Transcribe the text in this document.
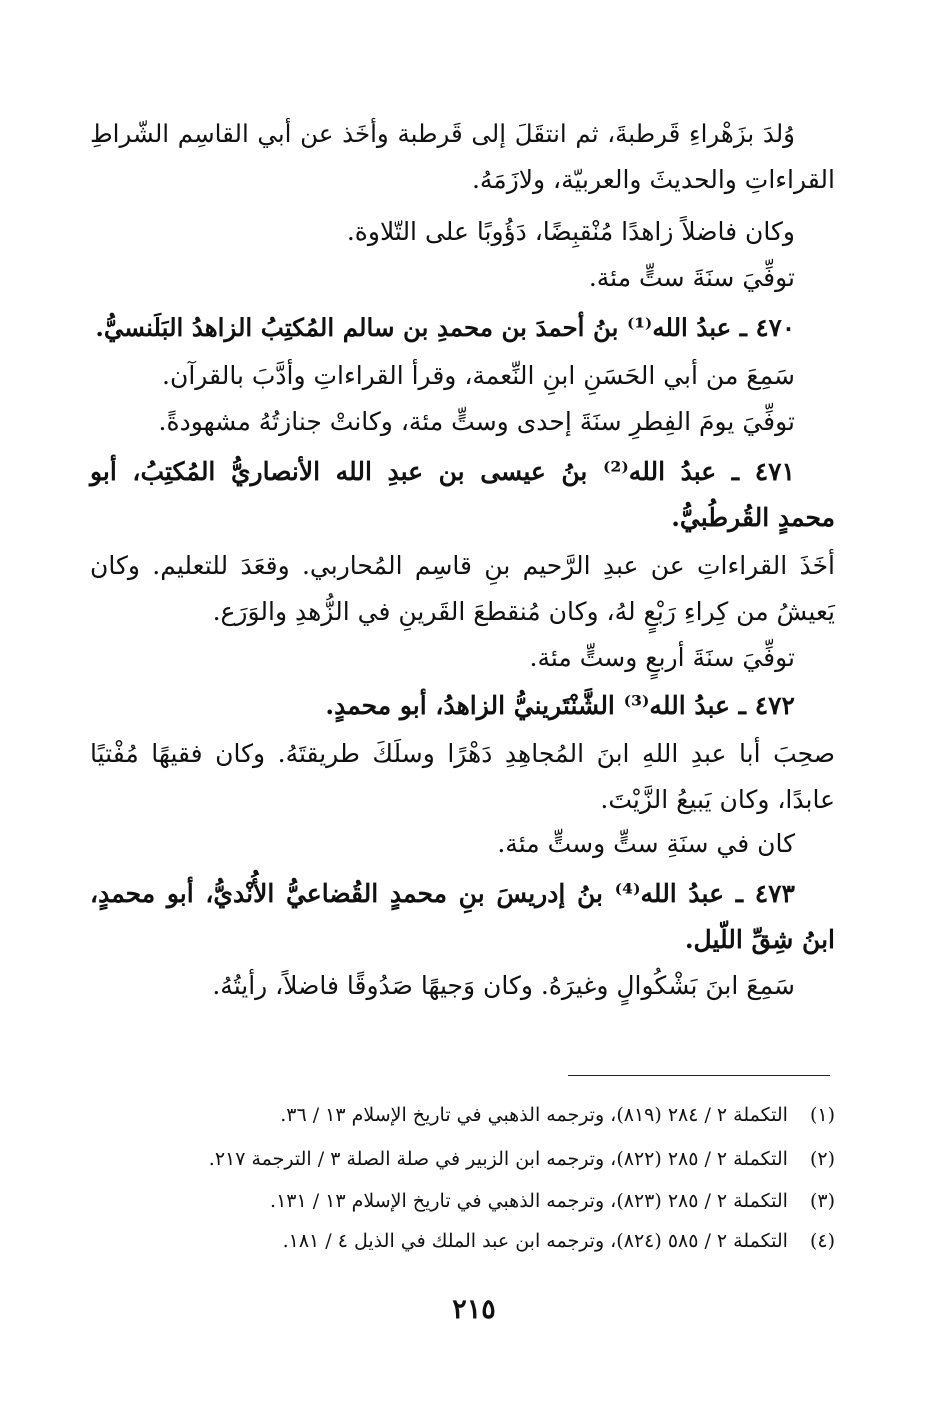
وُلدَ بزَهْراءِ قَرطبةَ، ثم انتقَلَ إلى قَرطبة وأخَذ عن أبي القاسِم الشّراطِ
القراءاتِ والحديثَ والعربيّة، ولازَمَهُ.
وكان فاضلاً زاهدًا مُنْقبِضًا، دَؤُوبًا على التّلاوة.
توفِّيَ سنَةَ ستٍّ مئة.
٤٧٠ ـ عبدُ الله⁽¹⁾ بنُ أحمدَ بن محمدِ بن سالم المُكتِبُ الزاهدُ البَلَنسيُّ.
سَمِعَ من أبي الحَسَنِ ابنِ النِّعمة، وقرأ القراءاتِ وأدَّبَ بالقرآن.
توفِّيَ يومَ الفِطرِ سنَةَ إحدى وستٍّ مئة، وكانتْ جنازتُهُ مشهودةً.
٤٧١ ـ عبدُ الله⁽²⁾ بنُ عيسى بن عبدِ الله الأنصاريُّ المُكتِبُ، أبو
محمدٍ القُرطُبيُّ.
أخَذَ القراءاتِ عن عبدِ الرَّحيم بنِ قاسِم المُحاربي. وقعَدَ للتعليم. وكان
يَعيشُ من كِراءِ رَبْعٍ لهُ، وكان مُنقطعَ القَرينِ في الزُّهدِ والوَرَع.
توفِّيَ سنَةَ أربعٍ وستٍّ مئة.
٤٧٢ ـ عبدُ الله⁽³⁾ الشَّنْتَرينيُّ الزاهدُ، أبو محمدٍ.
صحِبَ أبا عبدِ اللهِ ابنَ المُجاهِدِ دَهْرًا وسلَكَ طريقتَهُ. وكان فقيهًا مُفْتيًا
عابدًا، وكان يَبيعُ الزَّيْتَ.
كان في سنَةِ ستٍّ وستٍّ مئة.
٤٧٣ ـ عبدُ الله⁽⁴⁾ بنُ إدريسَ بنِ محمدٍ القُضاعيُّ الأُنْديُّ، أبو محمدٍ،
ابنُ شِقِّ اللّيل.
سَمِعَ ابنَ بَشْكُوالٍ وغيرَهُ. وكان وَجيهًا صَدُوقًا فاضلاً، رأيتُهُ.
(١)التكملة ٢ / ٢٨٤ (٨١٩)، وترجمه الذهبي في تاريخ الإسلام ١٣ / ٣٦.
(٢)التكملة ٢ / ٢٨٥ (٨٢٢)، وترجمه ابن الزبير في صلة الصلة ٣ / الترجمة ٢١٧.
(٣)التكملة ٢ / ٢٨٥ (٨٢٣)، وترجمه الذهبي في تاريخ الإسلام ١٣ / ١٣١.
(٤)التكملة ٢ / ٥٨٥ (٨٢٤)، وترجمه ابن عبد الملك في الذيل ٤ / ١٨١.
٢١٥
